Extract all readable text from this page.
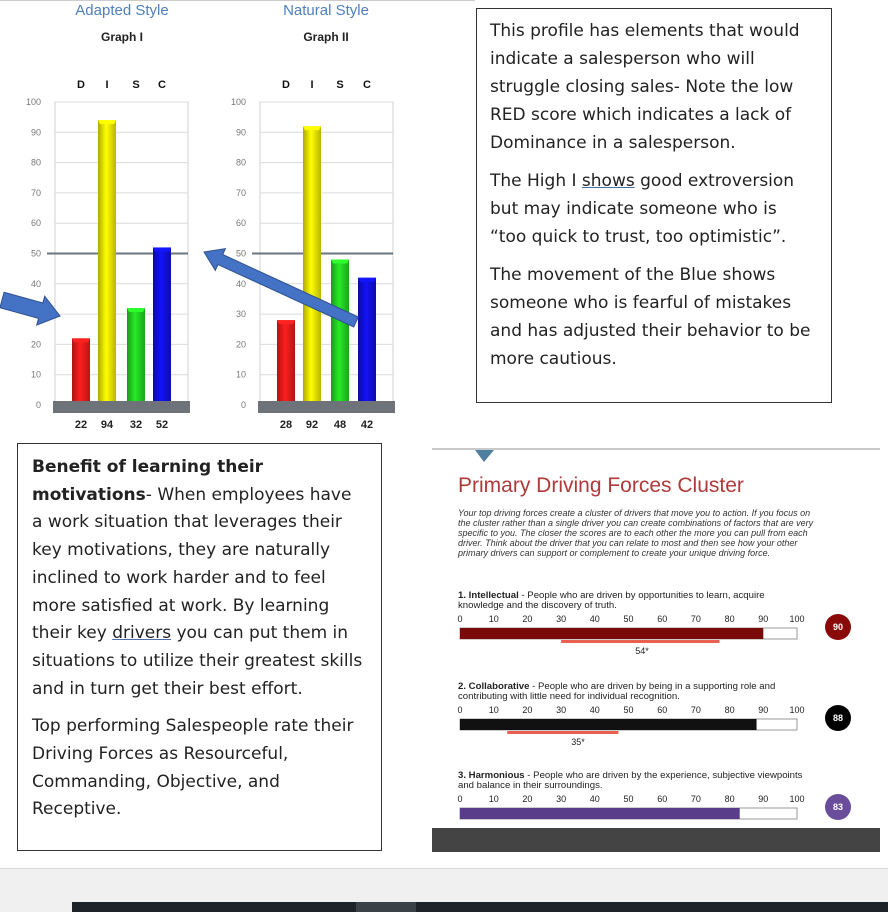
Adapted Style
Graph I
Natural Style
Graph II
0
10
20
40
50
60
70
80
90
100
D
22
I
94
S
32
C
52
0
10
20
30
40
50
60
70
80
90
100
D
28
I
92
S
48
C
42

This profile has elements that would indicate a salesperson who will struggle closing sales- Note the low RED score which indicates a lack of Dominance in a salesperson.

The High I shows good extroversion but may indicate someone who is “too quick to trust, too optimistic”.

The movement of the Blue shows someone who is fearful of mistakes and has adjusted their behavior to be more cautious.

Benefit of learning their motivations- When employees have a work situation that leverages their key motivations, they are naturally inclined to work harder and to feel more satisfied at work. By learning their key drivers you can put them in situations to utilize their greatest skills and in turn get their best effort.

Top performing Salespeople rate their Driving Forces as Resourceful, Commanding, Objective, and Receptive.

Primary Driving Forces Cluster
Your top driving forces create a cluster of drivers that move you to action. If you focus on the cluster rather than a single driver you can create combinations of factors that are very specific to you. The closer the scores are to each other the more you can pull from each driver. Think about the driver that you can relate to most and then see how your other primary drivers can support or complement to create your unique driving force.
0	10	20	30	40	50	60	70	80	90 100
54*
0	10	20	30	40	50	60	70	80	90 100
35*
0	10	20	30	40	50	60	70	80	90 100
1. Intellectual - People who are driven by opportunities to learn, acquire knowledge and the discovery of truth.
90
2. Collaborative - People who are driven by being in a supporting role and contributing with little need for individual recognition.
88
3. Harmonious - People who are driven by the experience, subjective viewpoints and balance in their surroundings.
83
